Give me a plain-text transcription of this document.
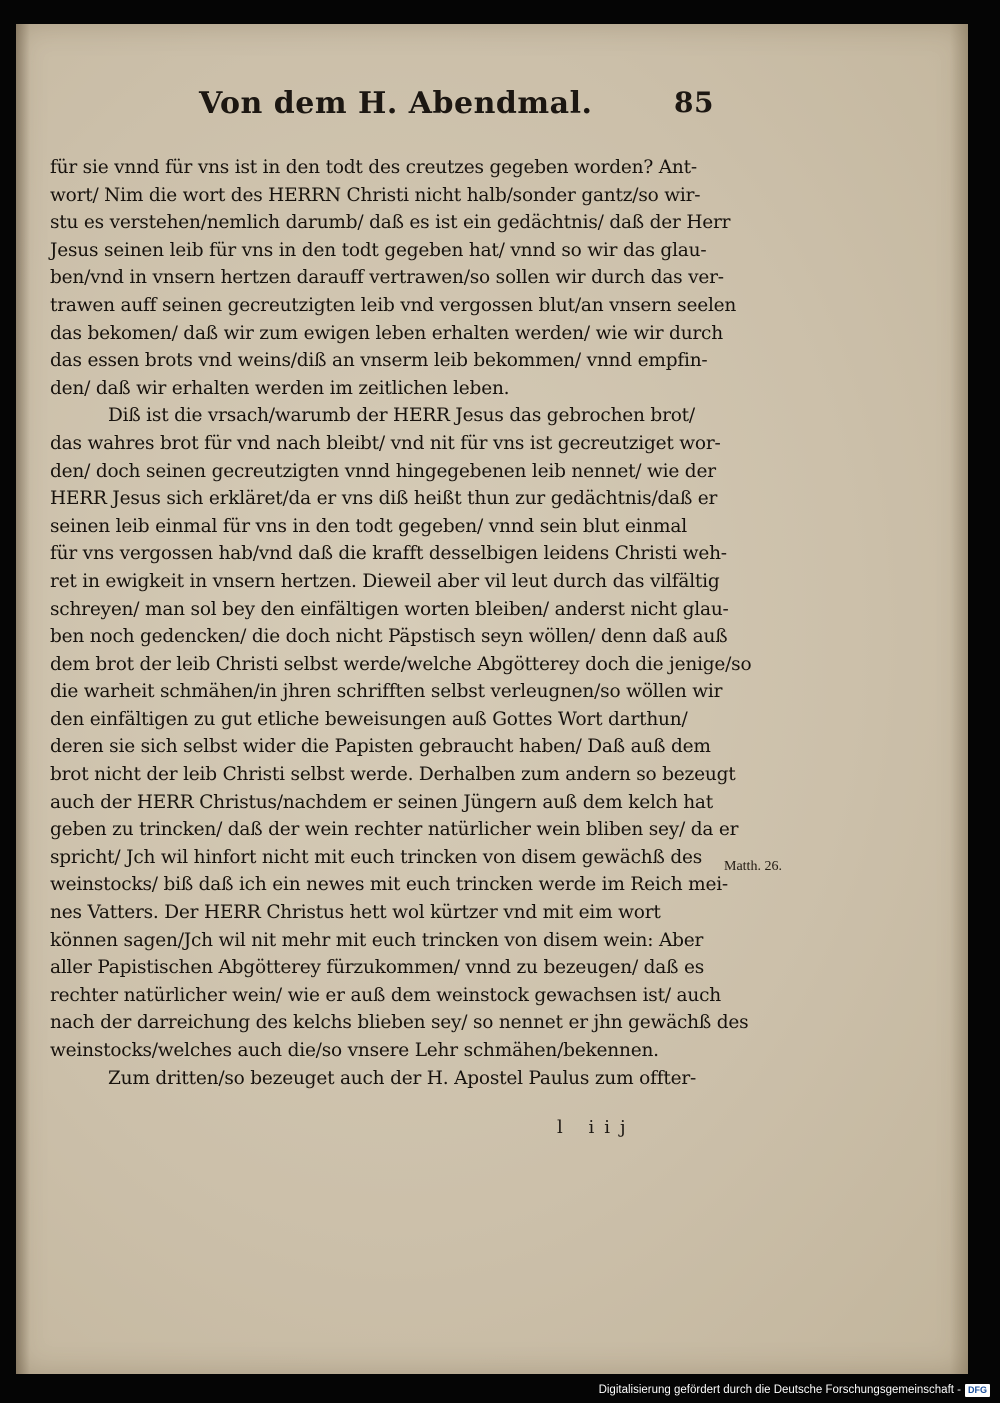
Von dem H. Abendmal.	85
für sie vnnd für vns ist in den todt des creutzes gegeben worden? Ant-
wort/ Nim die wort des HERRN Christi nicht halb/sonder gantz/so wir-
stu es verstehen/nemlich darumb/ daß es ist ein gedächtnis/ daß der Herr
Jesus seinen leib für vns in den todt gegeben hat/ vnnd so wir das glau-
ben/vnd in vnsern hertzen darauff vertrawen/so sollen wir durch das ver-
trawen auff seinen gecreutzigten leib vnd vergossen blut/an vnsern seelen
das bekomen/ daß wir zum ewigen leben erhalten werden/ wie wir durch
das essen brots vnd weins/diß an vnserm leib bekommen/ vnnd empfin-
den/ daß wir erhalten werden im zeitlichen leben.
Diß ist die vrsach/warumb der HERR Jesus das gebrochen brot/
das wahres brot für vnd nach bleibt/ vnd nit für vns ist gecreutziget wor-
den/ doch seinen gecreutzigten vnnd hingegebenen leib nennet/ wie der
HERR Jesus sich erkläret/da er vns diß heißt thun zur gedächtnis/daß er
seinen leib einmal für vns in den todt gegeben/ vnnd sein blut einmal
für vns vergossen hab/vnd daß die krafft desselbigen leidens Christi weh-
ret in ewigkeit in vnsern hertzen. Dieweil aber vil leut durch das vilfältig
schreyen/ man sol bey den einfältigen worten bleiben/ anderst nicht glau-
ben noch gedencken/ die doch nicht Päpstisch seyn wöllen/ denn daß auß
dem brot der leib Christi selbst werde/welche Abgötterey doch die jenige/so
die warheit schmähen/in jhren schrifften selbst verleugnen/so wöllen wir
den einfältigen zu gut etliche beweisungen auß Gottes Wort darthun/
deren sie sich selbst wider die Papisten gebraucht haben/ Daß auß dem
brot nicht der leib Christi selbst werde. Derhalben zum andern so bezeugt
auch der HERR Christus/nachdem er seinen Jüngern auß dem kelch hat
geben zu trincken/ daß der wein rechter natürlicher wein bliben sey/ da er
spricht/ Jch wil hinfort nicht mit euch trincken von disem gewächß des
weinstocks/ biß daß ich ein newes mit euch trincken werde im Reich mei-
nes Vatters. Der HERR Christus hett wol kürtzer vnd mit eim wort
können sagen/Jch wil nit mehr mit euch trincken von disem wein: Aber
aller Papistischen Abgötterey fürzukommen/ vnnd zu bezeugen/ daß es
rechter natürlicher wein/ wie er auß dem weinstock gewachsen ist/ auch
nach der darreichung des kelchs blieben sey/ so nennet er jhn gewächß des
weinstocks/welches auch die/so vnsere Lehr schmähen/bekennen.
Zum dritten/so bezeuget auch der H. Apostel Paulus zum offter-
Matth. 26.
l iij
Digitalisierung gefördert durch die Deutsche Forschungsgemeinschaft - DFG
